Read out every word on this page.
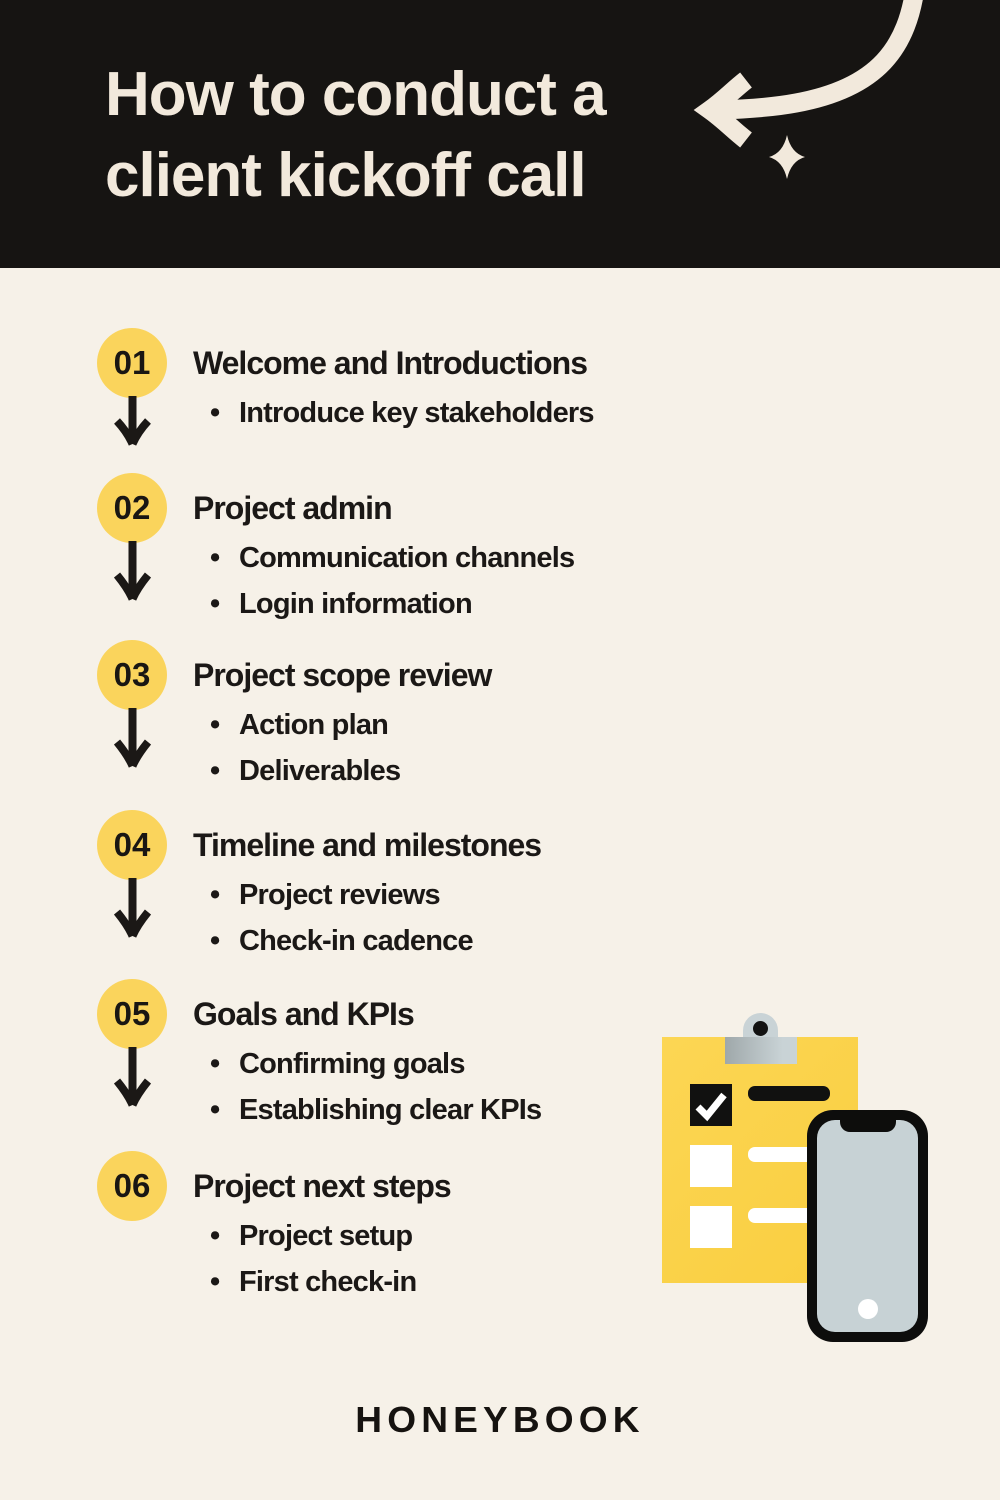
How to conduct a
client kickoff call
01 Welcome and Introductions
• Introduce key stakeholders
02 Project admin
• Communication channels
• Login information
03 Project scope review
• Action plan
• Deliverables
04 Timeline and milestones
• Project reviews
• Check-in cadence
05 Goals and KPIs
• Confirming goals
• Establishing clear KPIs
06 Project next steps
• Project setup
• First check-in
HONEYBOOK
